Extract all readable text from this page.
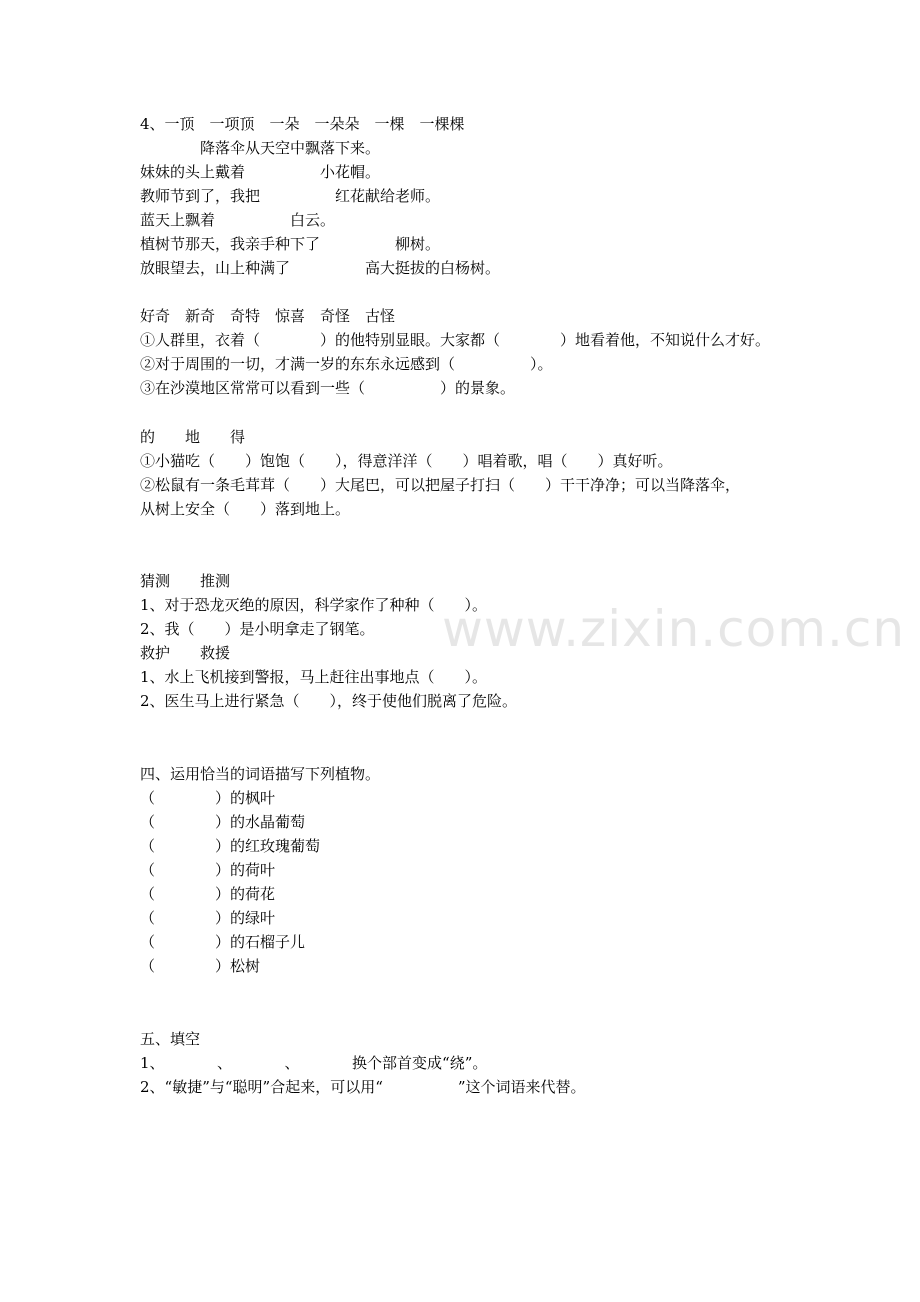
www.zixin.com.cn
4、一顶　一项顶　一朵　一朵朵　一棵　一棵棵
　　　　降落伞从天空中飘落下来。
妹妹的头上戴着　　　　　小花帽。
教师节到了，我把　　　　　红花献给老师。
蓝天上飘着　　　　　白云。
植树节那天，我亲手种下了　　　　　柳树。
放眼望去，山上种满了　　　　　高大挺拔的白杨树。
好奇　新奇　奇特　惊喜　奇怪　古怪
①人群里，衣着（　　　　）的他特别显眼。大家都（　　　　）地看着他，不知说什么才好。
②对于周围的一切，才满一岁的东东永远感到（　　　　　）。
③在沙漠地区常常可以看到一些（　　　　　）的景象。
的　　地　　得
①小猫吃（　　）饱饱（　　），得意洋洋（　　）唱着歌，唱（　　）真好听。
②松鼠有一条毛茸茸（　　）大尾巴，可以把屋子打扫（　　）干干净净；可以当降落伞，
从树上安全（　　）落到地上。
猜测　　推测
1、对于恐龙灭绝的原因，科学家作了种种（　　）。
2、我（　　）是小明拿走了钢笔。
救护　　救援
1、水上飞机接到警报，马上赶往出事地点（　　）。
2、医生马上进行紧急（　　），终于使他们脱离了危险。
四、运用恰当的词语描写下列植物。
（　　　　）的枫叶
（　　　　）的水晶葡萄
（　　　　）的红玫瑰葡萄
（　　　　）的荷叶
（　　　　）的荷花
（　　　　）的绿叶
（　　　　）的石榴子儿
（　　　　）松树
五、填空
1、　　　　、　　　　、　　　　换个部首变成“绕”。
2、“敏捷”与“聪明”合起来，可以用“　　　　　”这个词语来代替。
